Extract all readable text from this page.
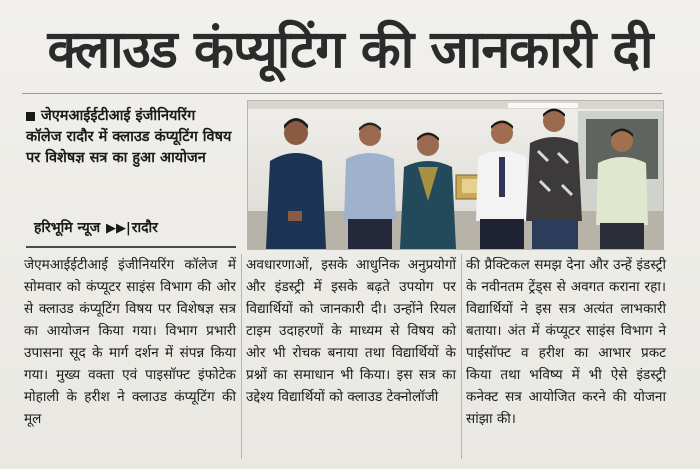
क्लाउड कंप्यूटिंग की जानकारी दी
जेएमआईईटीआई इंजीनियरिंग कॉलेज रादौर में क्लाउड कंप्यूटिंग विषय पर विशेषज्ञ सत्र का हुआ आयोजन
हरिभूमि न्यूज ▶▶|रादौर
जेएमआईईटीआई इंजीनियरिंग कॉलेज में सोमवार को कंप्यूटर साइंस विभाग की ओर से क्लाउड कंप्यूटिंग विषय पर विशेषज्ञ सत्र का आयोजन किया गया। विभाग प्रभारी उपासना सूद के मार्ग दर्शन में संपन्न किया गया। मुख्य वक्ता एवं पाइसॉफ्ट इंफोटेक मोहाली के हरीश ने क्लाउड कंप्यूटिंग की मूल
अवधारणाओं, इसके आधुनिक अनुप्रयोगों और इंडस्ट्री में इसके बढ़ते उपयोग पर विद्यार्थियों को जानकारी दी। उन्होंने रियल टाइम उदाहरणों के माध्यम से विषय को ओर भी रोचक बनाया तथा विद्यार्थियों के प्रश्नों का समाधान भी किया। इस सत्र का उद्देश्य विद्यार्थियों को क्लाउड टेक्नोलॉजी
की प्रैक्टिकल समझ देना और उन्हें इंडस्ट्री के नवीनतम ट्रेंड्स से अवगत कराना रहा। विद्यार्थियों ने इस सत्र अत्यंत लाभकारी बताया। अंत में कंप्यूटर साइंस विभाग ने पाईसॉफ्ट व हरीश का आभार प्रकट किया तथा भविष्य में भी ऐसे इंडस्ट्री कनेक्ट सत्र आयोजित करने की योजना सांझा की।
